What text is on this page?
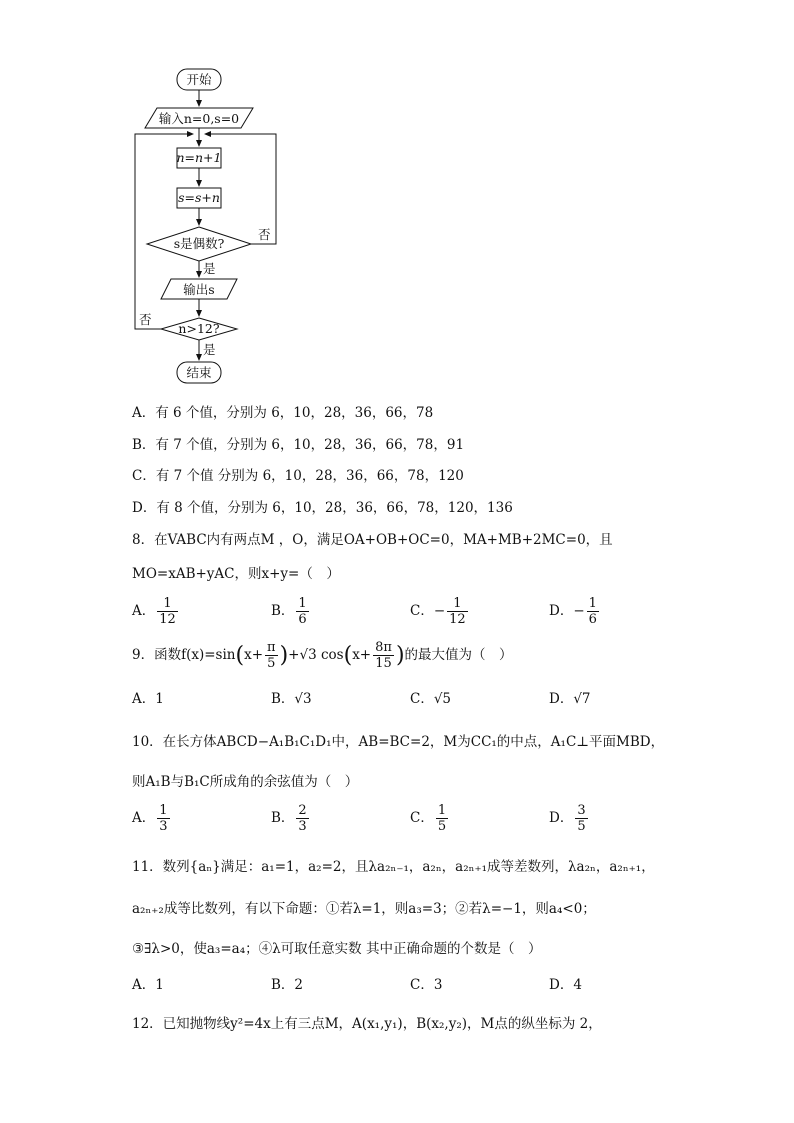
开始
输入n=0,s=0
n=n+1
s=s+n
s是偶数?
否
是
输出s
n>12?
否
是
结束
A．有 6 个值，分别为 6，10，28，36，66，78
B．有 7 个值，分别为 6，10，28，36，66，78，91
C．有 7 个值 分别为 6，10，28，36，66，78，120
D．有 8 个值，分别为 6，10，28，36，66，78，120，136
8．在VABC内有两点M ，O，满足OA+OB+OC=0，MA+MB+2MC=0，且
MO=xAB+yAC，则x+y=（　）
A． $\frac{1}{12}$	B． $\frac{1}{6}$	C．− $\frac{1}{12}$	D．− $\frac{1}{6}$
9．函数$f(x)=\sin(x+ \frac{\pi}{5} )+√3$ $\cos(x+ \frac{8\pi}{15}$ )的最大值为（　）
A．1	B．√3	C．√5	D．√7
10．在长方体ABCD−A₁B₁C₁D₁中，AB=BC=2，M为CC₁的中点，A₁C⊥平面MBD，
则A₁B与B₁C所成角的余弦值为（　）
A． $\frac{1}{3}$	B． $\frac{2}{3}$	C． $\frac{1}{5}$	D． $\frac{3}{5}$
11．数列{aₙ}满足：a₁=1，a₂=2，且λa₂ₙ₋₁，a₂ₙ，a₂ₙ₊₁成等差数列，λa₂ₙ，a₂ₙ₊₁，
a₂ₙ₊₂成等比数列，有以下命题：①若λ=1，则a₃=3；②若λ=−1，则a₄<0；
③∃λ>0，使a₃=a₄；④λ可取任意实数 其中正确命题的个数是（　）
A．1	B．2	C．3	D．4
12．已知抛物线y²=4x上有三点M，A(x₁,y₁)，B(x₂,y₂)，M点的纵坐标为 2，
